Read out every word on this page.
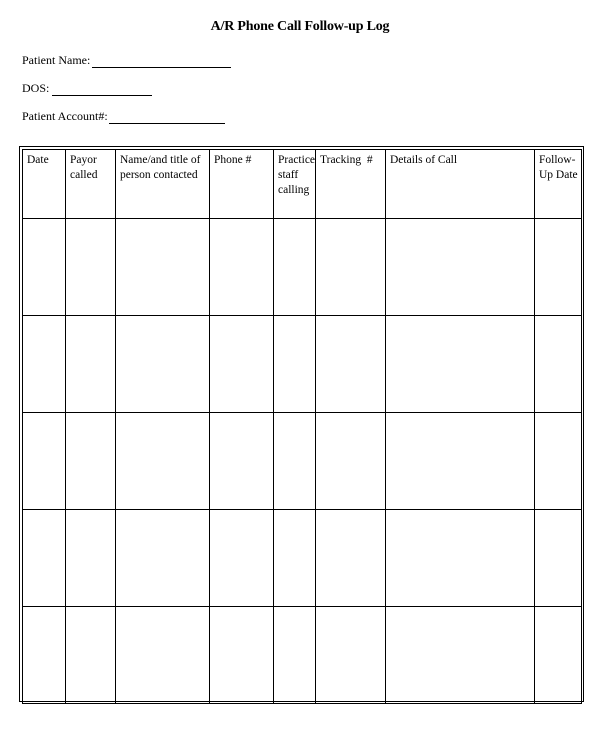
A/R Phone Call Follow-up Log
Patient Name:
DOS:
Patient Account#:
Date	Payor called	Name/and title of person contacted	Phone #	Practice staff calling	Tracking  #	Details of Call	Follow-Up Date
